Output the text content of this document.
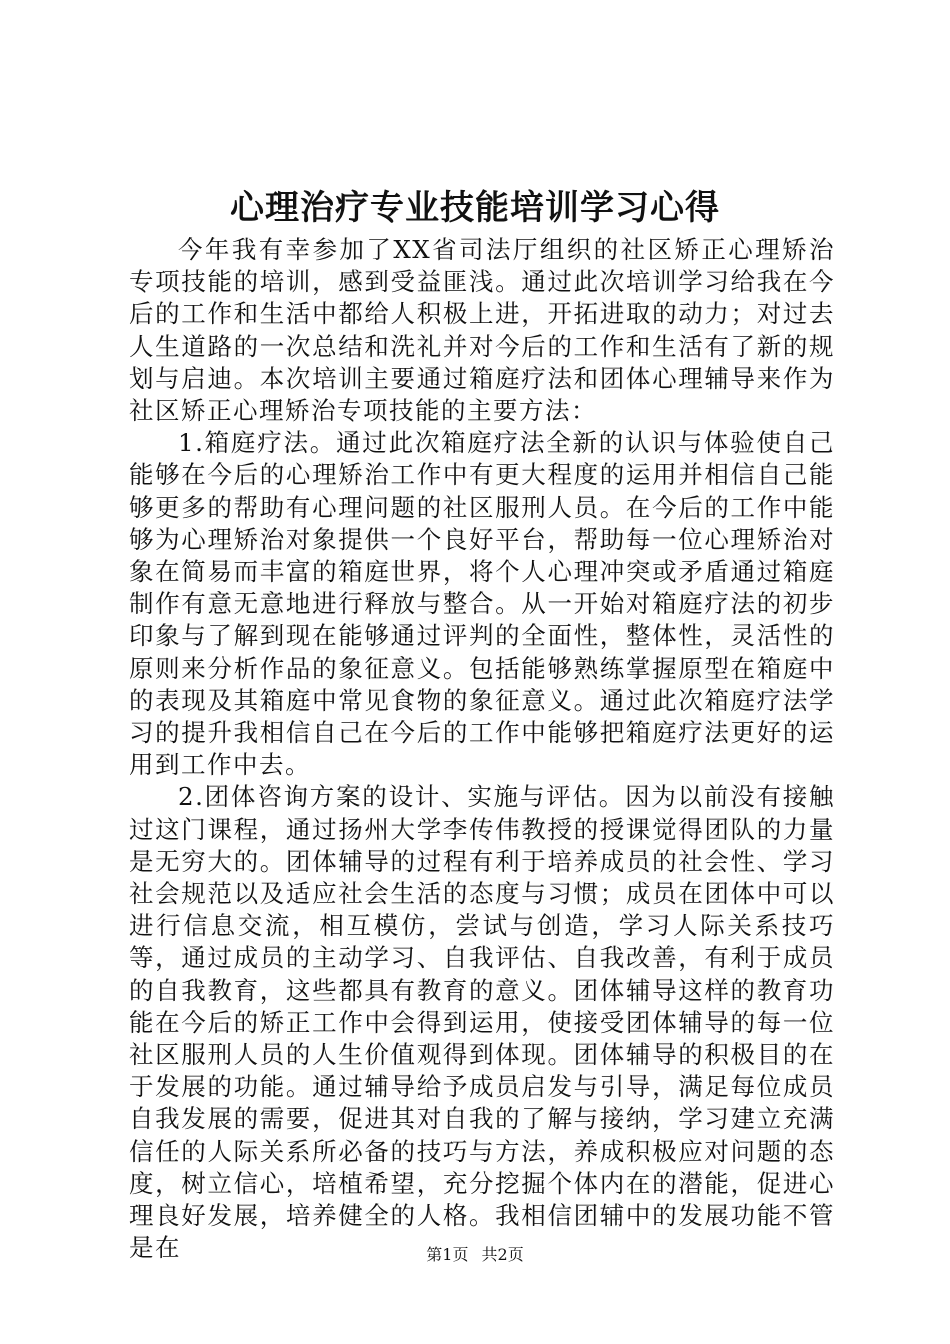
心理治疗专业技能培训学习心得

今年我有幸参加了XX省司法厅组织的社区矫正心理矫治专项技能的培训，感到受益匪浅。通过此次培训学习给我在今后的工作和生活中都给人积极上进，开拓进取的动力；对过去人生道路的一次总结和洗礼并对今后的工作和生活有了新的规划与启迪。本次培训主要通过箱庭疗法和团体心理辅导来作为社区矫正心理矫治专项技能的主要方法：

1.箱庭疗法。通过此次箱庭疗法全新的认识与体验使自己能够在今后的心理矫治工作中有更大程度的运用并相信自己能够更多的帮助有心理问题的社区服刑人员。在今后的工作中能够为心理矫治对象提供一个良好平台，帮助每一位心理矫治对象在简易而丰富的箱庭世界，将个人心理冲突或矛盾通过箱庭制作有意无意地进行释放与整合。从一开始对箱庭疗法的初步印象与了解到现在能够通过评判的全面性，整体性，灵活性的原则来分析作品的象征意义。包括能够熟练掌握原型在箱庭中的表现及其箱庭中常见食物的象征意义。通过此次箱庭疗法学习的提升我相信自己在今后的工作中能够把箱庭疗法更好的运用到工作中去。

2.团体咨询方案的设计、实施与评估。因为以前没有接触过这门课程，通过扬州大学李传伟教授的授课觉得团队的力量是无穷大的。团体辅导的过程有利于培养成员的社会性、学习社会规范以及适应社会生活的态度与习惯；成员在团体中可以进行信息交流，相互模仿，尝试与创造，学习人际关系技巧等，通过成员的主动学习、自我评估、自我改善，有利于成员的自我教育，这些都具有教育的意义。团体辅导这样的教育功能在今后的矫正工作中会得到运用，使接受团体辅导的每一位社区服刑人员的人生价值观得到体现。团体辅导的积极目的在于发展的功能。通过辅导给予成员启发与引导，满足每位成员自我发展的需要，促进其对自我的了解与接纳，学习建立充满信任的人际关系所必备的技巧与方法，养成积极应对问题的态度，树立信心，培植希望，充分挖掘个体内在的潜能，促进心理良好发展，培养健全的人格。我相信团辅中的发展功能不管是在	第1页 共2页
